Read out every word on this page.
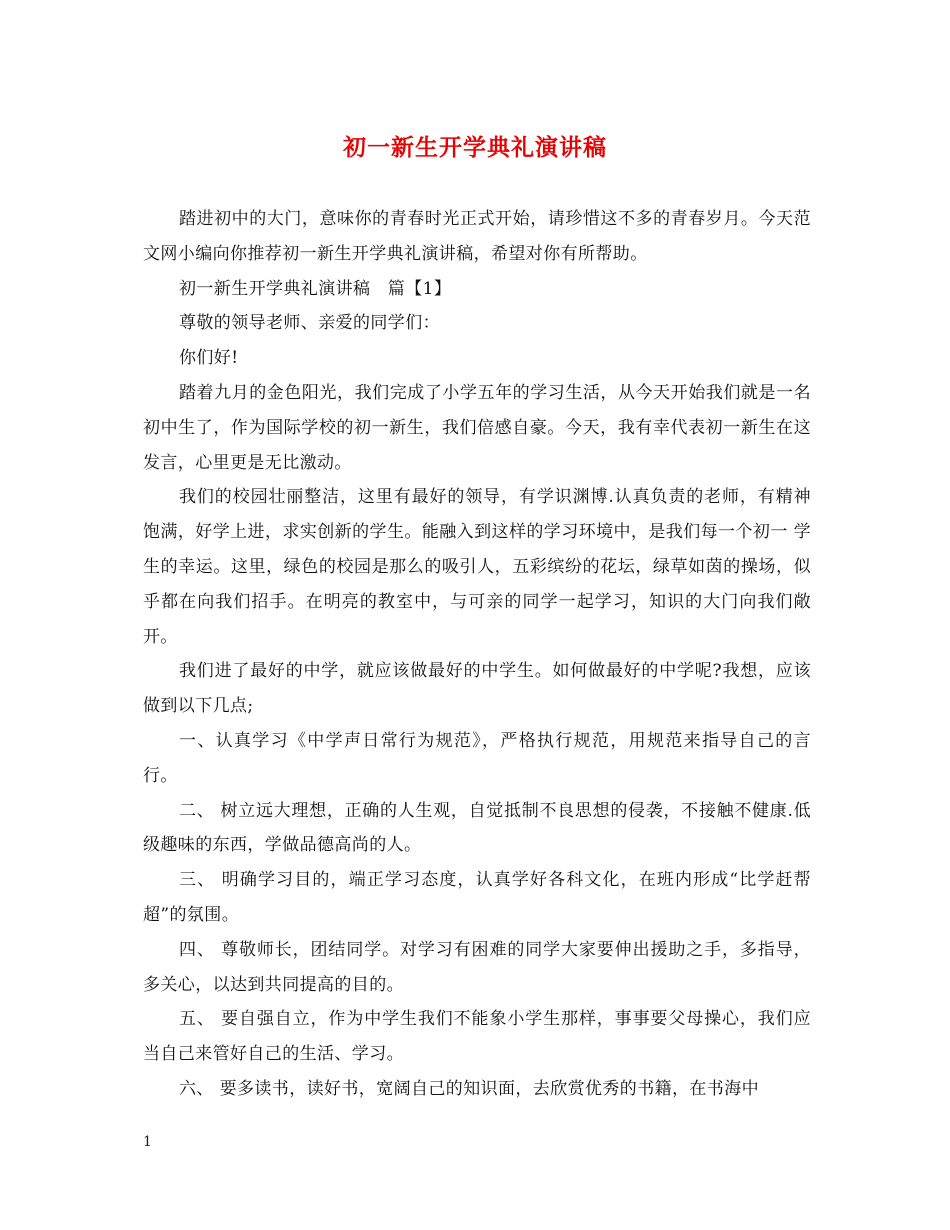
初一新生开学典礼演讲稿

踏进初中的大门，意味你的青春时光正式开始，请珍惜这不多的青春岁月。今天范文网小编向你推荐初一新生开学典礼演讲稿，希望对你有所帮助。

初一新生开学典礼演讲稿　篇【1】

尊敬的领导老师、亲爱的同学们：

你们好!

踏着九月的金色阳光，我们完成了小学五年的学习生活，从今天开始我们就是一名初中生了，作为国际学校的初一新生，我们倍感自豪。今天，我有幸代表初一新生在这发言，心里更是无比激动。

我们的校园壮丽整洁，这里有最好的领导，有学识渊博.认真负责的老师，有精神饱满，好学上进，求实创新的学生。能融入到这样的学习环境中，是我们每一个初一 学生的幸运。这里，绿色的校园是那么的吸引人，五彩缤纷的花坛，绿草如茵的操场，似乎都在向我们招手。在明亮的教室中，与可亲的同学一起学习，知识的大门向我们敞开。

我们进了最好的中学，就应该做最好的中学生。如何做最好的中学呢?我想，应该做到以下几点;

一、认真学习《中学声日常行为规范》，严格执行规范，用规范来指导自己的言行。

二、 树立远大理想，正确的人生观，自觉抵制不良思想的侵袭，不接触不健康.低级趣味的东西，学做品德高尚的人。

三、 明确学习目的，端正学习态度，认真学好各科文化，在班内形成“比学赶帮超”的氛围。

四、 尊敬师长，团结同学。对学习有困难的同学大家要伸出援助之手，多指导，多关心，以达到共同提高的目的。

五、 要自强自立，作为中学生我们不能象小学生那样，事事要父母操心，我们应当自己来管好自己的生活、学习。

六、 要多读书，读好书，宽阔自己的知识面，去欣赏优秀的书籍，在书海中

1
